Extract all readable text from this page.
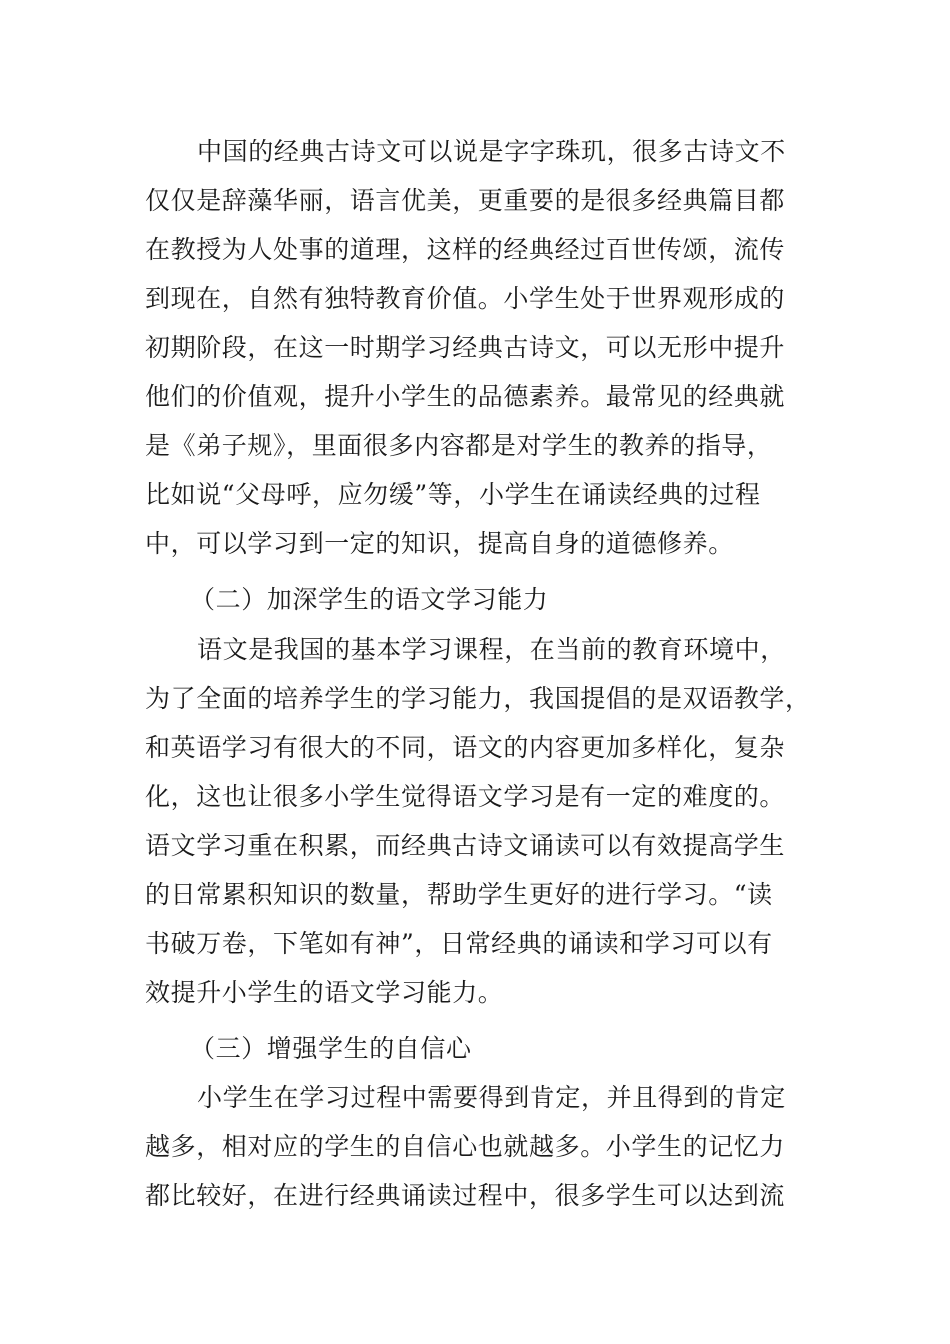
中国的经典古诗文可以说是字字珠玑，很多古诗文不
仅仅是辞藻华丽，语言优美，更重要的是很多经典篇目都
在教授为人处事的道理，这样的经典经过百世传颂，流传
到现在，自然有独特教育价值。小学生处于世界观形成的
初期阶段，在这一时期学习经典古诗文，可以无形中提升
他们的价值观，提升小学生的品德素养。最常见的经典就
是《弟子规》，里面很多内容都是对学生的教养的指导，
比如说“父母呼，应勿缓”等，小学生在诵读经典的过程
中，可以学习到一定的知识，提高自身的道德修养。
（二）加深学生的语文学习能力
语文是我国的基本学习课程，在当前的教育环境中，
为了全面的培养学生的学习能力，我国提倡的是双语教学，
和英语学习有很大的不同，语文的内容更加多样化，复杂
化，这也让很多小学生觉得语文学习是有一定的难度的。
语文学习重在积累，而经典古诗文诵读可以有效提高学生
的日常累积知识的数量，帮助学生更好的进行学习。“读
书破万卷，下笔如有神”，日常经典的诵读和学习可以有
效提升小学生的语文学习能力。
（三）增强学生的自信心
小学生在学习过程中需要得到肯定，并且得到的肯定
越多，相对应的学生的自信心也就越多。小学生的记忆力
都比较好，在进行经典诵读过程中，很多学生可以达到流
